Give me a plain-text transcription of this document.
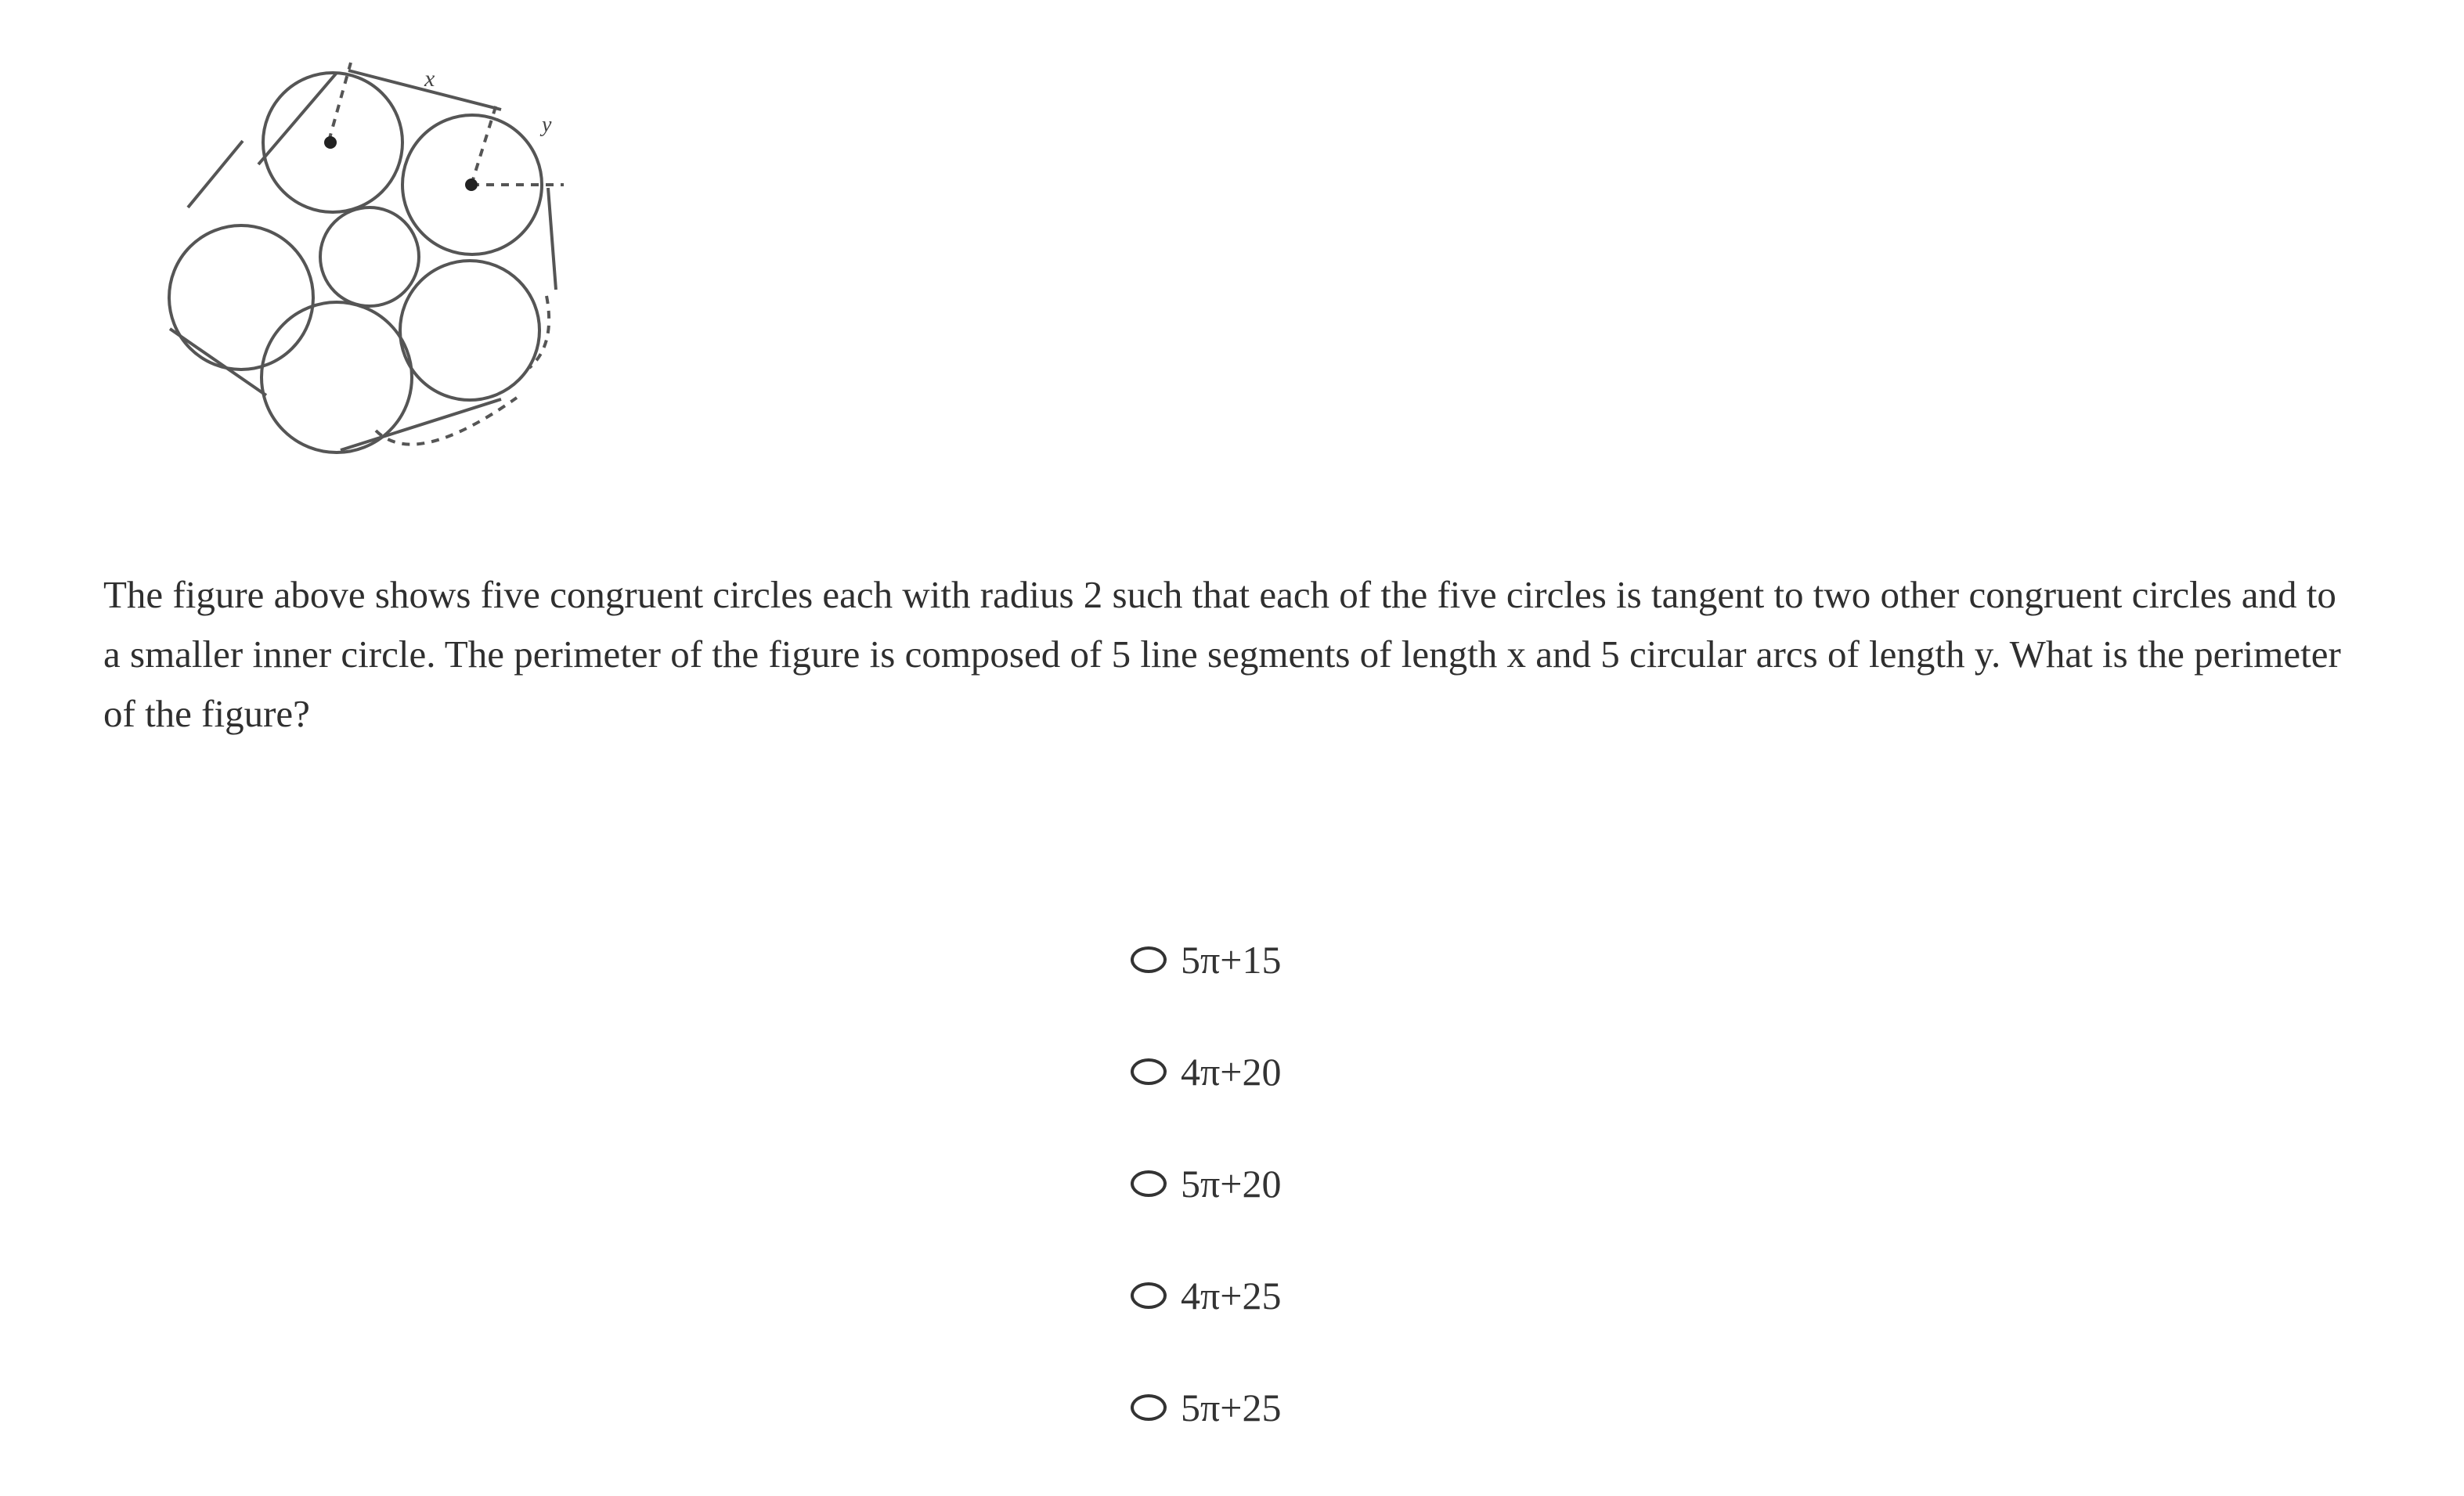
x
y

The figure above shows five congruent circles each with radius 2 such that each of the five circles is tangent to two other congruent circles and to a smaller inner circle. The perimeter of the figure is composed of 5 line segments of length x and 5 circular arcs of length y. What is the perimeter of the figure?

5π+15
4π+20
5π+20
4π+25
5π+25
